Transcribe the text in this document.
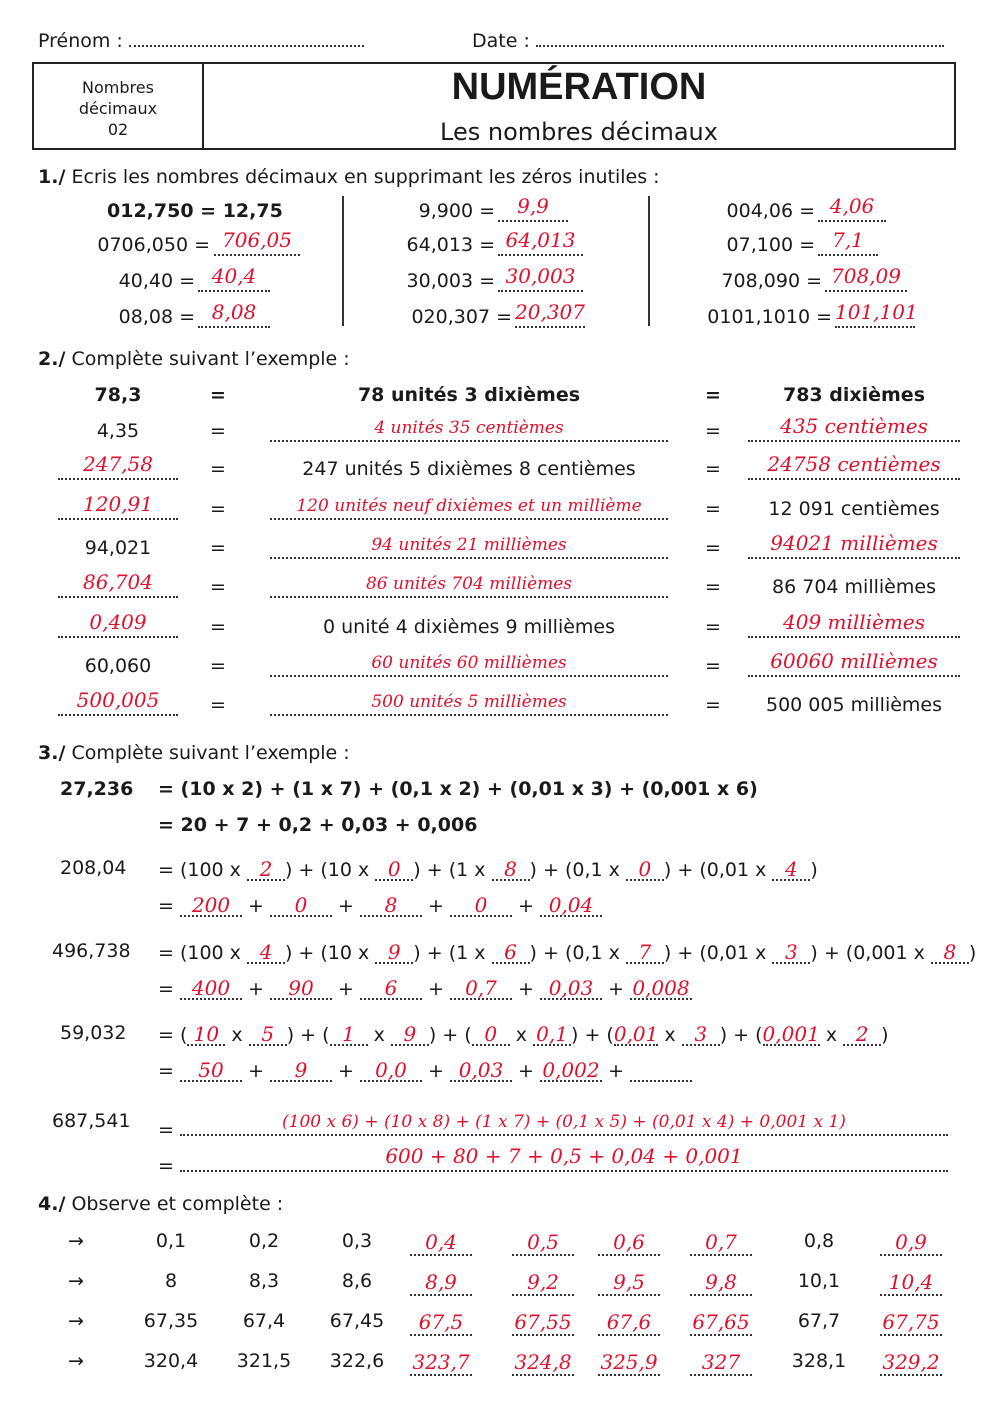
Prénom :	Date :
Nombres
décimaux
02
NUMÉRATION
Les nombres décimaux
1./ Ecris les nombres décimaux en supprimant les zéros inutiles :
012,750 = 12,75
0706,050 = 706,05
40,40 = 40,4
08,08 = 8,08
9,900 =	9,9
64,013 = 64,013
30,003 = 30,003
020,307 = 20,307
004,06 = 4,06
07,100 = 7,1
708,090 = 708,09
0101,1010 = 101,101
2./ Complète suivant l’exemple :
78,3	78 unités 3 dixièmes	783 dixièmes
=	=
4,35	4 unités 35 centièmes	435 centièmes
=	=
247,58	247 unités 5 dixièmes 8 centièmes	24758 centièmes
=	=
120,91	120 unités neuf dixièmes et un millième	12 091 centièmes
=	=
94,021	94 unités 21 millièmes	94021 millièmes
=	=
86,704	86 unités 704 millièmes	86 704 millièmes
=	=
0,409	0 unité 4 dixièmes 9 millièmes	409 millièmes
=	=
60,060	60 unités 60 millièmes	60060 millièmes
=	=
500,005	500 unités 5 millièmes	500 005 millièmes
=	=
3./ Complète suivant l’exemple :
27,236 = (10 x 2) + (1 x 7) + (0,1 x 2) + (0,01 x 3) + (0,001 x 6)
= 20 + 7 + 0,2 + 0,03 + 0,006
208,04 = (100 x 2 ) + (10 x 0 ) + (1 x 8 ) + (0,1 x 0 ) + (0,01 x 4 )
= 200 + 0 + 8 + 0 + 0,04
496,738 = (100 x 4 ) + (10 x 9 ) + (1 x 6 ) + (0,1 x 7 ) + (0,01 x 3 ) + (0,001 x 8 )
= 400 + 90 + 6 + 0,7 + 0,03 + 0,008
59,032 = ( 10 x 5 ) + ( 1 x 9 ) + ( 0 x 0,1 ) + (0,01 x 3 ) + (0,001 x 2 )
= 50 + 9 + 0,0 + 0,03 + 0,002 +
687,541 =	(100 x 6) + (10 x 8) + (1 x 7) + (0,1 x 5) + (0,01 x 4) + 0,001 x 1)
=	600 + 80 + 7 + 0,5 + 0,04 + 0,001
4./ Observe et complète :
→	0,1	0,2	0,3	0,4	0,5	0,6	0,7	0,8	0,9
→	8	8,3	8,6	8,9	9,2	9,5	9,8	10,1	10,4
→	67,35	67,4	67,45	67,5	67,55	67,6	67,65	67,7	67,75
→	320,4	321,5	322,6	323,7 324,8 325,9	327	328,1	329,2
